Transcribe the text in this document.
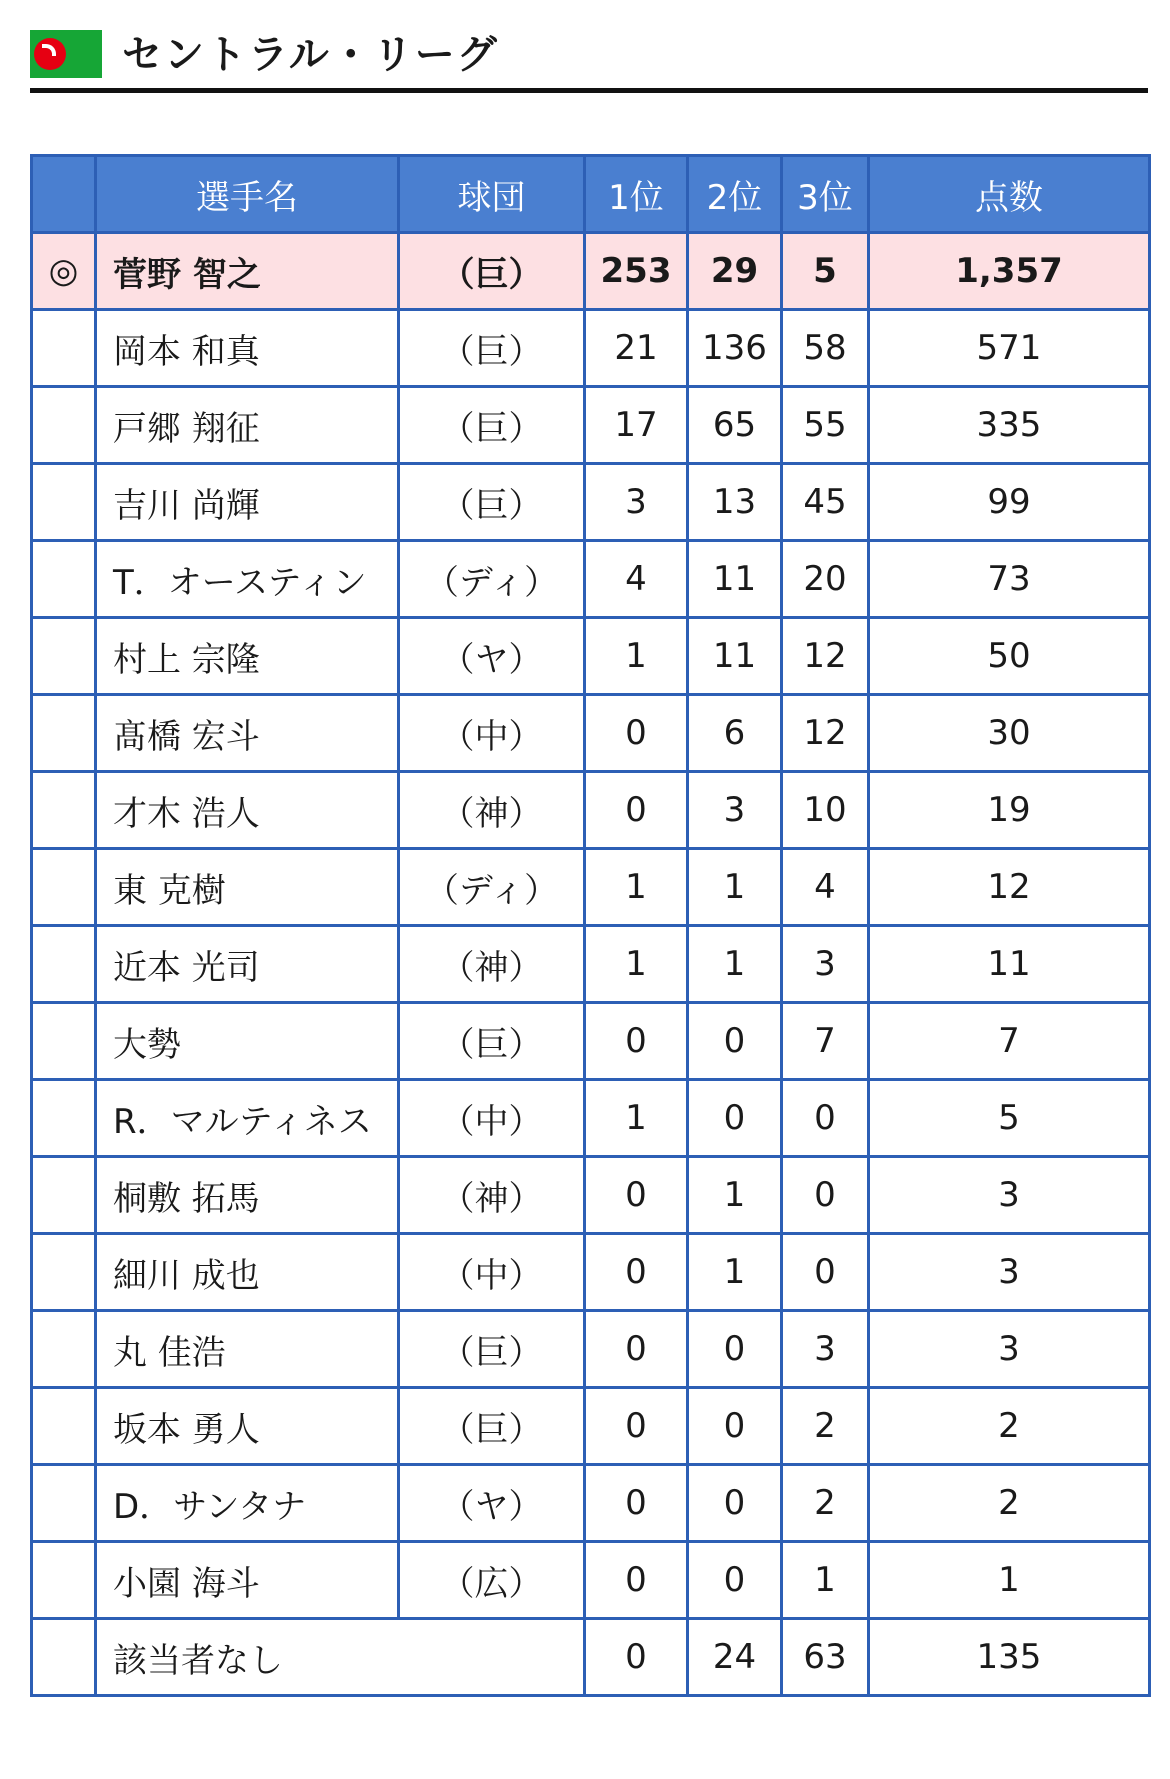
セントラル・リーグ
	選手名	球団	1位	2位	3位	点数
◎	菅野 智之	（巨）	253	29	5	1,357
	岡本 和真	（巨）	21	136	58	571
	戸郷 翔征	（巨）	17	65	55	335
	吉川 尚輝	（巨）	3	13	45	99
	T．オースティン	（ディ）	4	11	20	73
	村上 宗隆	（ヤ）	1	11	12	50
	髙橋 宏斗	（中）	0	6	12	30
	才木 浩人	（神）	0	3	10	19
	東 克樹	（ディ）	1	1	4	12
	近本 光司	（神）	1	1	3	11
	大勢	（巨）	0	0	7	7
	R．マルティネス	（中）	1	0	0	5
	桐敷 拓馬	（神）	0	1	0	3
	細川 成也	（中）	0	1	0	3
	丸 佳浩	（巨）	0	0	3	3
	坂本 勇人	（巨）	0	0	2	2
	D．サンタナ	（ヤ）	0	0	2	2
	小園 海斗	（広）	0	0	1	1
	該当者なし		0	24	63	135
